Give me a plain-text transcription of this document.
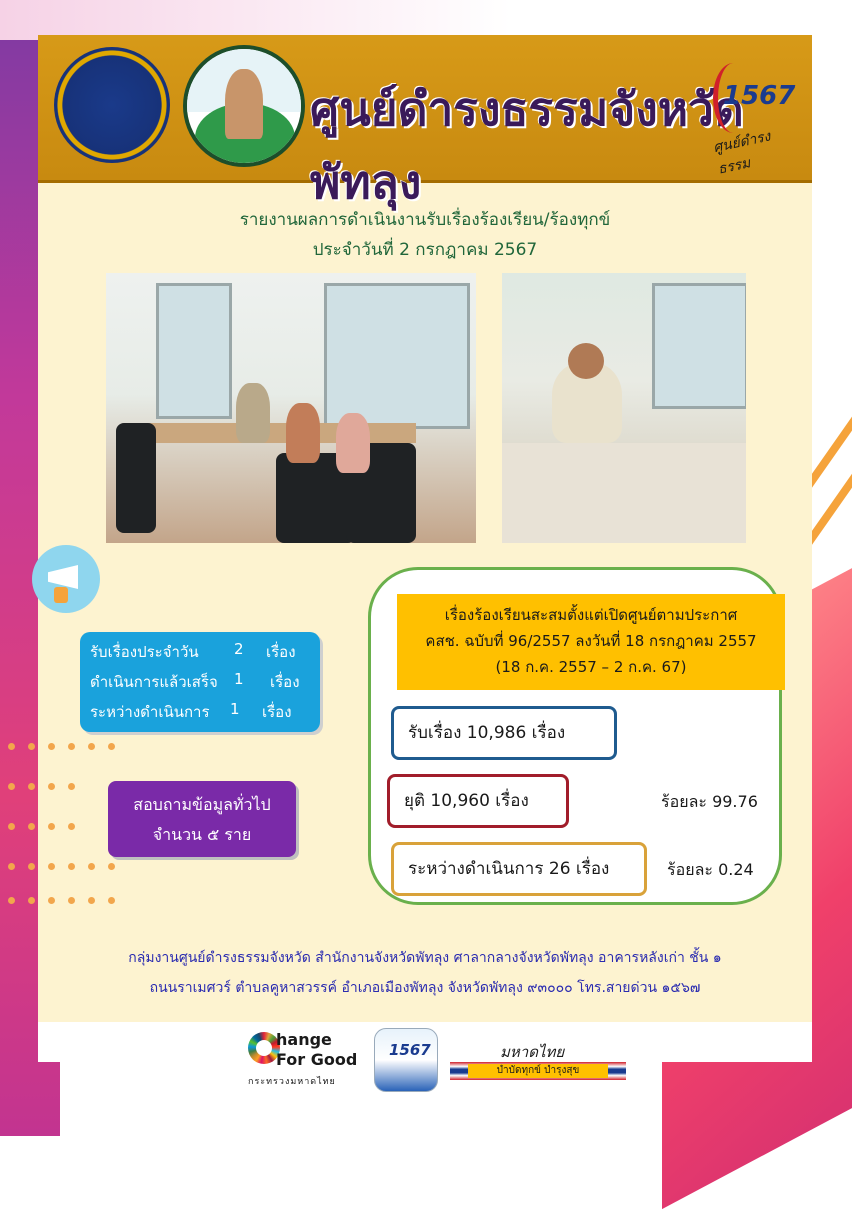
ศูนย์ดำรงธรรมจังหวัดพัทลุง
1567
ศูนย์ดำรงธรรม
รายงานผลการดำเนินงานรับเรื่องร้องเรียน/ร้องทุกข์
ประจำวันที่ 2 กรกฎาคม 2567
รับเรื่องประจำวัน 2 เรื่อง
ดำเนินการแล้วเสร็จ 1 เรื่อง
ระหว่างดำเนินการ 1 เรื่อง
สอบถามข้อมูลทั่วไป
จำนวน ๕ ราย
เรื่องร้องเรียนสะสมตั้งแต่เปิดศูนย์ตามประกาศ
คสช. ฉบับที่ 96/2557 ลงวันที่ 18 กรกฎาคม 2557
(18 ก.ค. 2557 – 2 ก.ค. 67)
รับเรื่อง 10,986 เรื่อง
ยุติ 10,960 เรื่อง	ร้อยละ 99.76
ระหว่างดำเนินการ 26 เรื่อง	ร้อยละ 0.24
กลุ่มงานศูนย์ดำรงธรรมจังหวัด สำนักงานจังหวัดพัทลุง ศาลากลางจังหวัดพัทลุง อาคารหลังเก่า ชั้น ๑
ถนนราเมศวร์ ตำบลคูหาสวรรค์ อำเภอเมืองพัทลุง จังหวัดพัทลุง ๙๓๐๐๐ โทร.สายด่วน ๑๕๖๗
hange
For Good
กระทรวงมหาดไทย
1567	มหาดไทย
บำบัดทุกข์ บำรุงสุข
